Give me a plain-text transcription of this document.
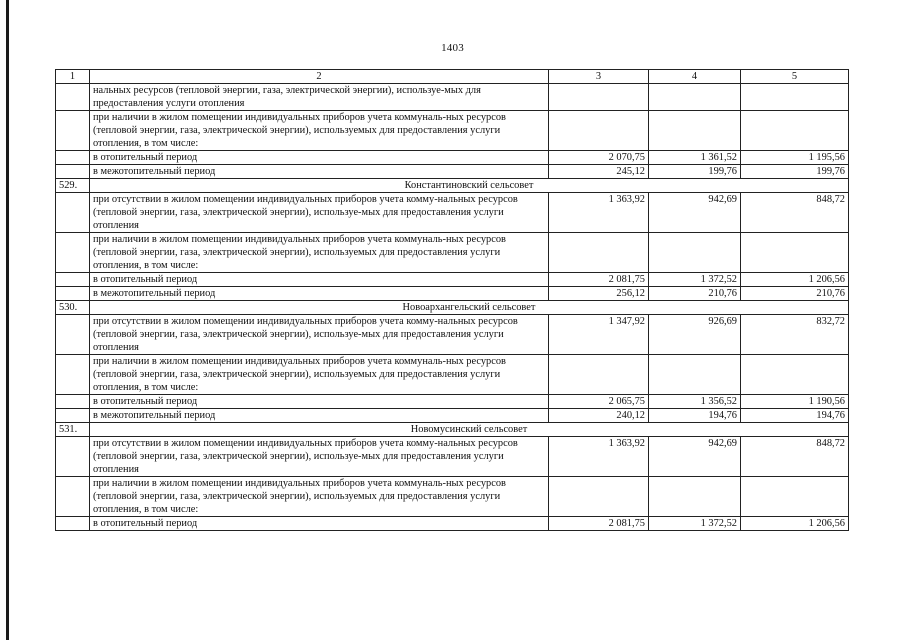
1403
1	2	3	4	5
	нальных ресурсов (тепловой энергии, газа, электрической энергии), используе-мых для предоставления услуги отопления			
	при наличии в жилом помещении индивидуальных приборов учета коммуналь-ных ресурсов (тепловой энергии, газа, электрической энергии), используемых для предоставления услуги отопления, в том числе:			
	в отопительный период	2 070,75	1 361,52	1 195,56
	в межотопительный период	245,12	199,76	199,76
529.	Константиновский сельсовет			
	при отсутствии в жилом помещении индивидуальных приборов учета комму-нальных ресурсов (тепловой энергии, газа, электрической энергии), используе-мых для предоставления услуги отопления	1 363,92	942,69	848,72
	при наличии в жилом помещении индивидуальных приборов учета коммуналь-ных ресурсов (тепловой энергии, газа, электрической энергии), используемых для предоставления услуги отопления, в том числе:			
	в отопительный период	2 081,75	1 372,52	1 206,56
	в межотопительный период	256,12	210,76	210,76
530.	Новоархангельский сельсовет			
	при отсутствии в жилом помещении индивидуальных приборов учета комму-нальных ресурсов (тепловой энергии, газа, электрической энергии), используе-мых для предоставления услуги отопления	1 347,92	926,69	832,72
	при наличии в жилом помещении индивидуальных приборов учета коммуналь-ных ресурсов (тепловой энергии, газа, электрической энергии), используемых для предоставления услуги отопления, в том числе:			
	в отопительный период	2 065,75	1 356,52	1 190,56
	в межотопительный период	240,12	194,76	194,76
531.	Новомусинский сельсовет			
	при отсутствии в жилом помещении индивидуальных приборов учета комму-нальных ресурсов (тепловой энергии, газа, электрической энергии), используе-мых для предоставления услуги отопления	1 363,92	942,69	848,72
	при наличии в жилом помещении индивидуальных приборов учета коммуналь-ных ресурсов (тепловой энергии, газа, электрической энергии), используемых для предоставления услуги отопления, в том числе:			
	в отопительный период	2 081,75	1 372,52	1 206,56
